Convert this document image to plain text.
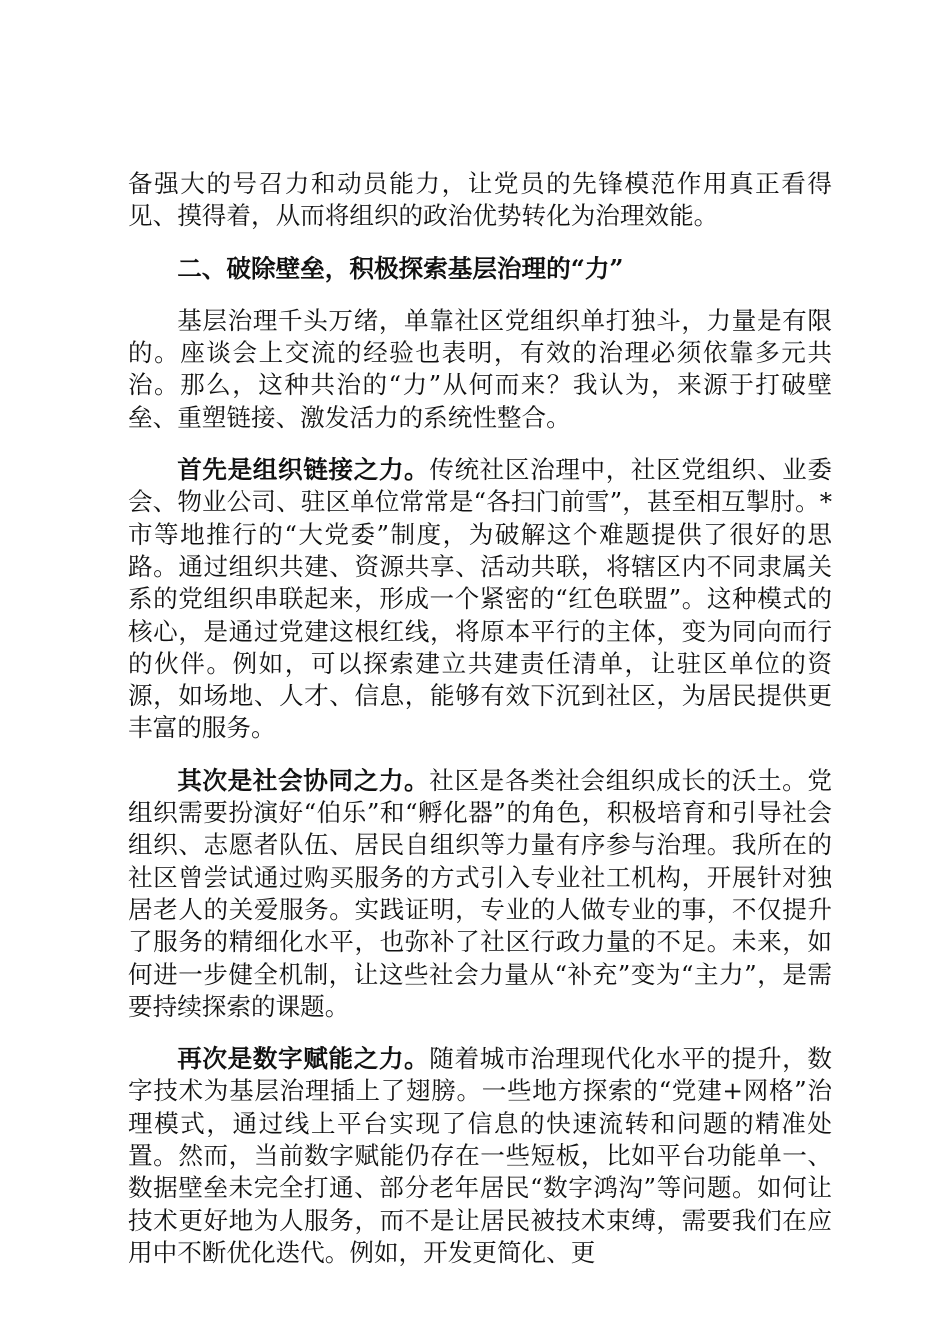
备强大的号召力和动员能力，让党员的先锋模范作用真正看得见、摸得着，从而将组织的政治优势转化为治理效能。

二、破除壁垒，积极探索基层治理的“力”

基层治理千头万绪，单靠社区党组织单打独斗，力量是有限的。座谈会上交流的经验也表明，有效的治理必须依靠多元共治。那么，这种共治的“力”从何而来？我认为，来源于打破壁垒、重塑链接、激发活力的系统性整合。

首先是组织链接之力。传统社区治理中，社区党组织、业委会、物业公司、驻区单位常常是“各扫门前雪”，甚至相互掣肘。*市等地推行的“大党委”制度，为破解这个难题提供了很好的思路。通过组织共建、资源共享、活动共联，将辖区内不同隶属关系的党组织串联起来，形成一个紧密的“红色联盟”。这种模式的核心，是通过党建这根红线，将原本平行的主体，变为同向而行的伙伴。例如，可以探索建立共建责任清单，让驻区单位的资源，如场地、人才、信息，能够有效下沉到社区，为居民提供更丰富的服务。

其次是社会协同之力。社区是各类社会组织成长的沃土。党组织需要扮演好“伯乐”和“孵化器”的角色，积极培育和引导社会组织、志愿者队伍、居民自组织等力量有序参与治理。我所在的社区曾尝试通过购买服务的方式引入专业社工机构，开展针对独居老人的关爱服务。实践证明，专业的人做专业的事，不仅提升了服务的精细化水平，也弥补了社区行政力量的不足。未来，如何进一步健全机制，让这些社会力量从“补充”变为“主力”，是需要持续探索的课题。

再次是数字赋能之力。随着城市治理现代化水平的提升，数字技术为基层治理插上了翅膀。一些地方探索的“党建+网格”治理模式，通过线上平台实现了信息的快速流转和问题的精准处置。然而，当前数字赋能仍存在一些短板，比如平台功能单一、数据壁垒未完全打通、部分老年居民“数字鸿沟”等问题。如何让技术更好地为人服务，而不是让居民被技术束缚，需要我们在应用中不断优化迭代。例如，开发更简化、更
